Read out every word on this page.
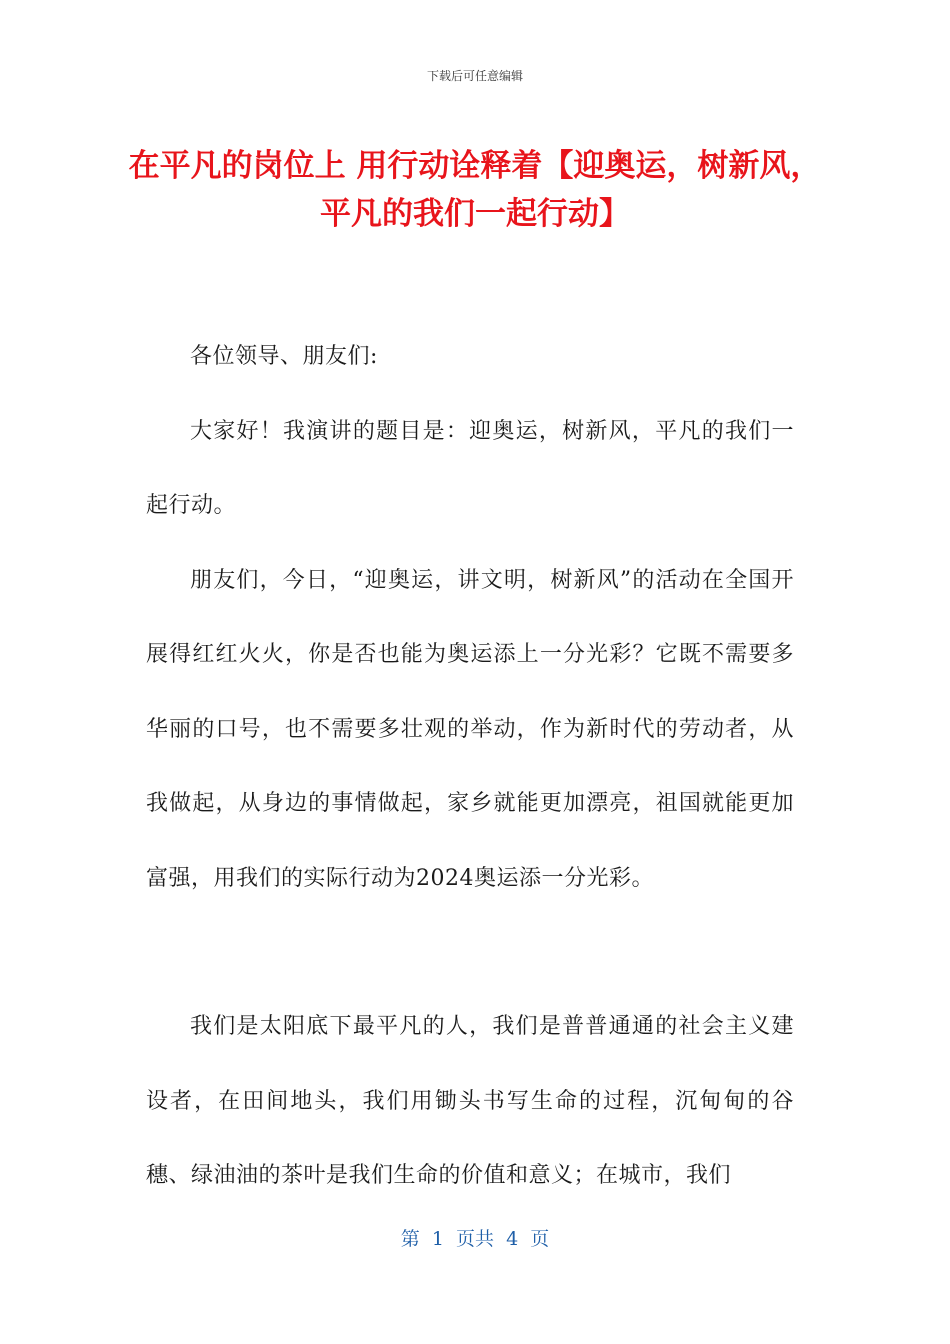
下载后可任意编辑
在平凡的岗位上 用行动诠释着【迎奥运，树新风，平凡的我们一起行动】

各位领导、朋友们:

大家好！我演讲的题目是：迎奥运，树新风，平凡的我们一起行动。

朋友们，今日，“迎奥运，讲文明，树新风”的活动在全国开展得红红火火，你是否也能为奥运添上一分光彩？它既不需要多华丽的口号，也不需要多壮观的举动，作为新时代的劳动者，从我做起，从身边的事情做起，家乡就能更加漂亮，祖国就能更加富强，用我们的实际行动为2024奥运添一分光彩。

我们是太阳底下最平凡的人，我们是普普通通的社会主义建设者，在田间地头，我们用锄头书写生命的过程，沉甸甸的谷穗、绿油油的茶叶是我们生命的价值和意义；在城市，我们

第  1  页共  4  页
